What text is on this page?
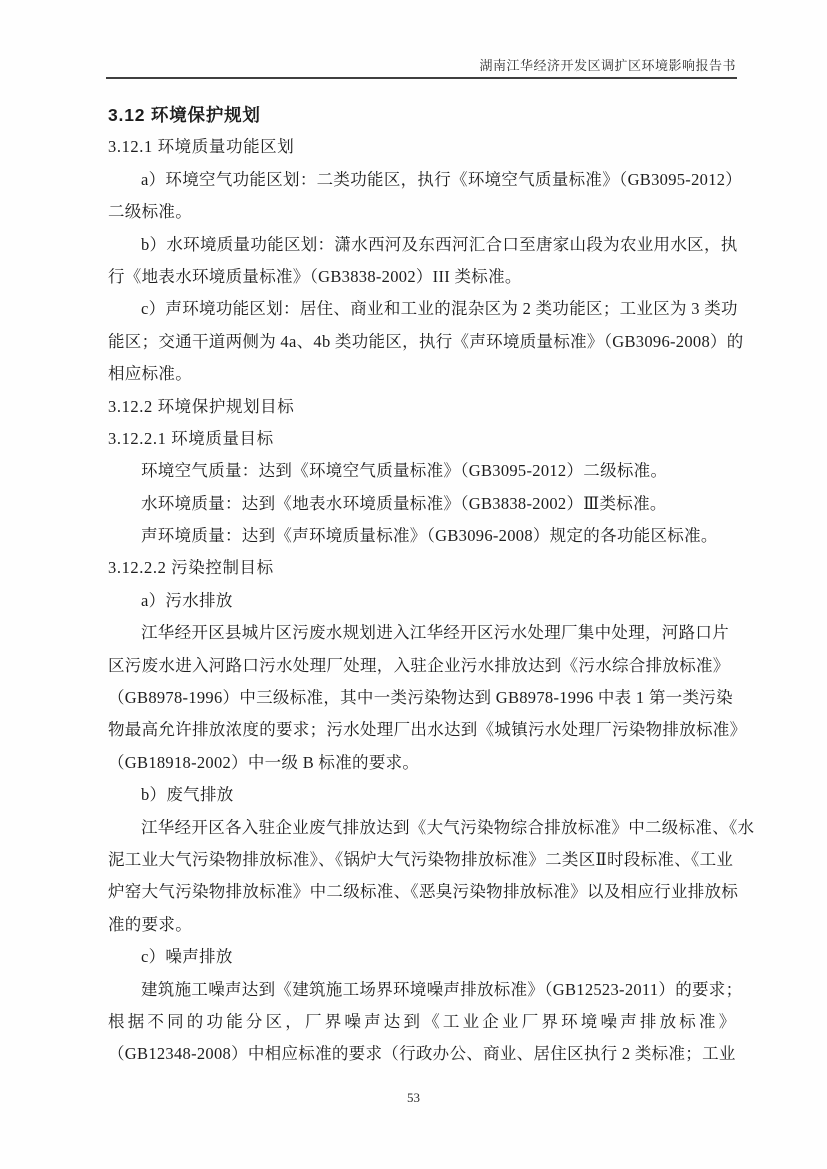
湖南江华经济开发区调扩区环境影响报告书
3.12 环境保护规划
3.12.1 环境质量功能区划
a）环境空气功能区划：二类功能区，执行《环境空气质量标准》（GB3095-2012）
二级标准。
b）水环境质量功能区划：潇水西河及东西河汇合口至唐家山段为农业用水区，执
行《地表水环境质量标准》（GB3838-2002）III 类标准。
c）声环境功能区划：居住、商业和工业的混杂区为 2 类功能区；工业区为 3 类功
能区；交通干道两侧为 4a、4b 类功能区，执行《声环境质量标准》（GB3096-2008）的
相应标准。
3.12.2 环境保护规划目标
3.12.2.1 环境质量目标
环境空气质量：达到《环境空气质量标准》（GB3095-2012）二级标准。
水环境质量：达到《地表水环境质量标准》（GB3838-2002）Ⅲ类标准。
声环境质量：达到《声环境质量标准》（GB3096-2008）规定的各功能区标准。
3.12.2.2 污染控制目标
a）污水排放
江华经开区县城片区污废水规划进入江华经开区污水处理厂集中处理，河路口片
区污废水进入河路口污水处理厂处理，入驻企业污水排放达到《污水综合排放标准》
（GB8978-1996）中三级标准，其中一类污染物达到 GB8978-1996 中表 1 第一类污染
物最高允许排放浓度的要求；污水处理厂出水达到《城镇污水处理厂污染物排放标准》
（GB18918-2002）中一级 B 标准的要求。
b）废气排放
江华经开区各入驻企业废气排放达到《大气污染物综合排放标准》中二级标准、《水
泥工业大气污染物排放标准》、《锅炉大气污染物排放标准》二类区Ⅱ时段标准、《工业
炉窑大气污染物排放标准》中二级标准、《恶臭污染物排放标准》以及相应行业排放标
准的要求。
c）噪声排放
建筑施工噪声达到《建筑施工场界环境噪声排放标准》（GB12523-2011）的要求；
根据不同的功能分区，厂界噪声达到《工业企业厂界环境噪声排放标准》
（GB12348-2008）中相应标准的要求（行政办公、商业、居住区执行 2 类标准；工业
53
